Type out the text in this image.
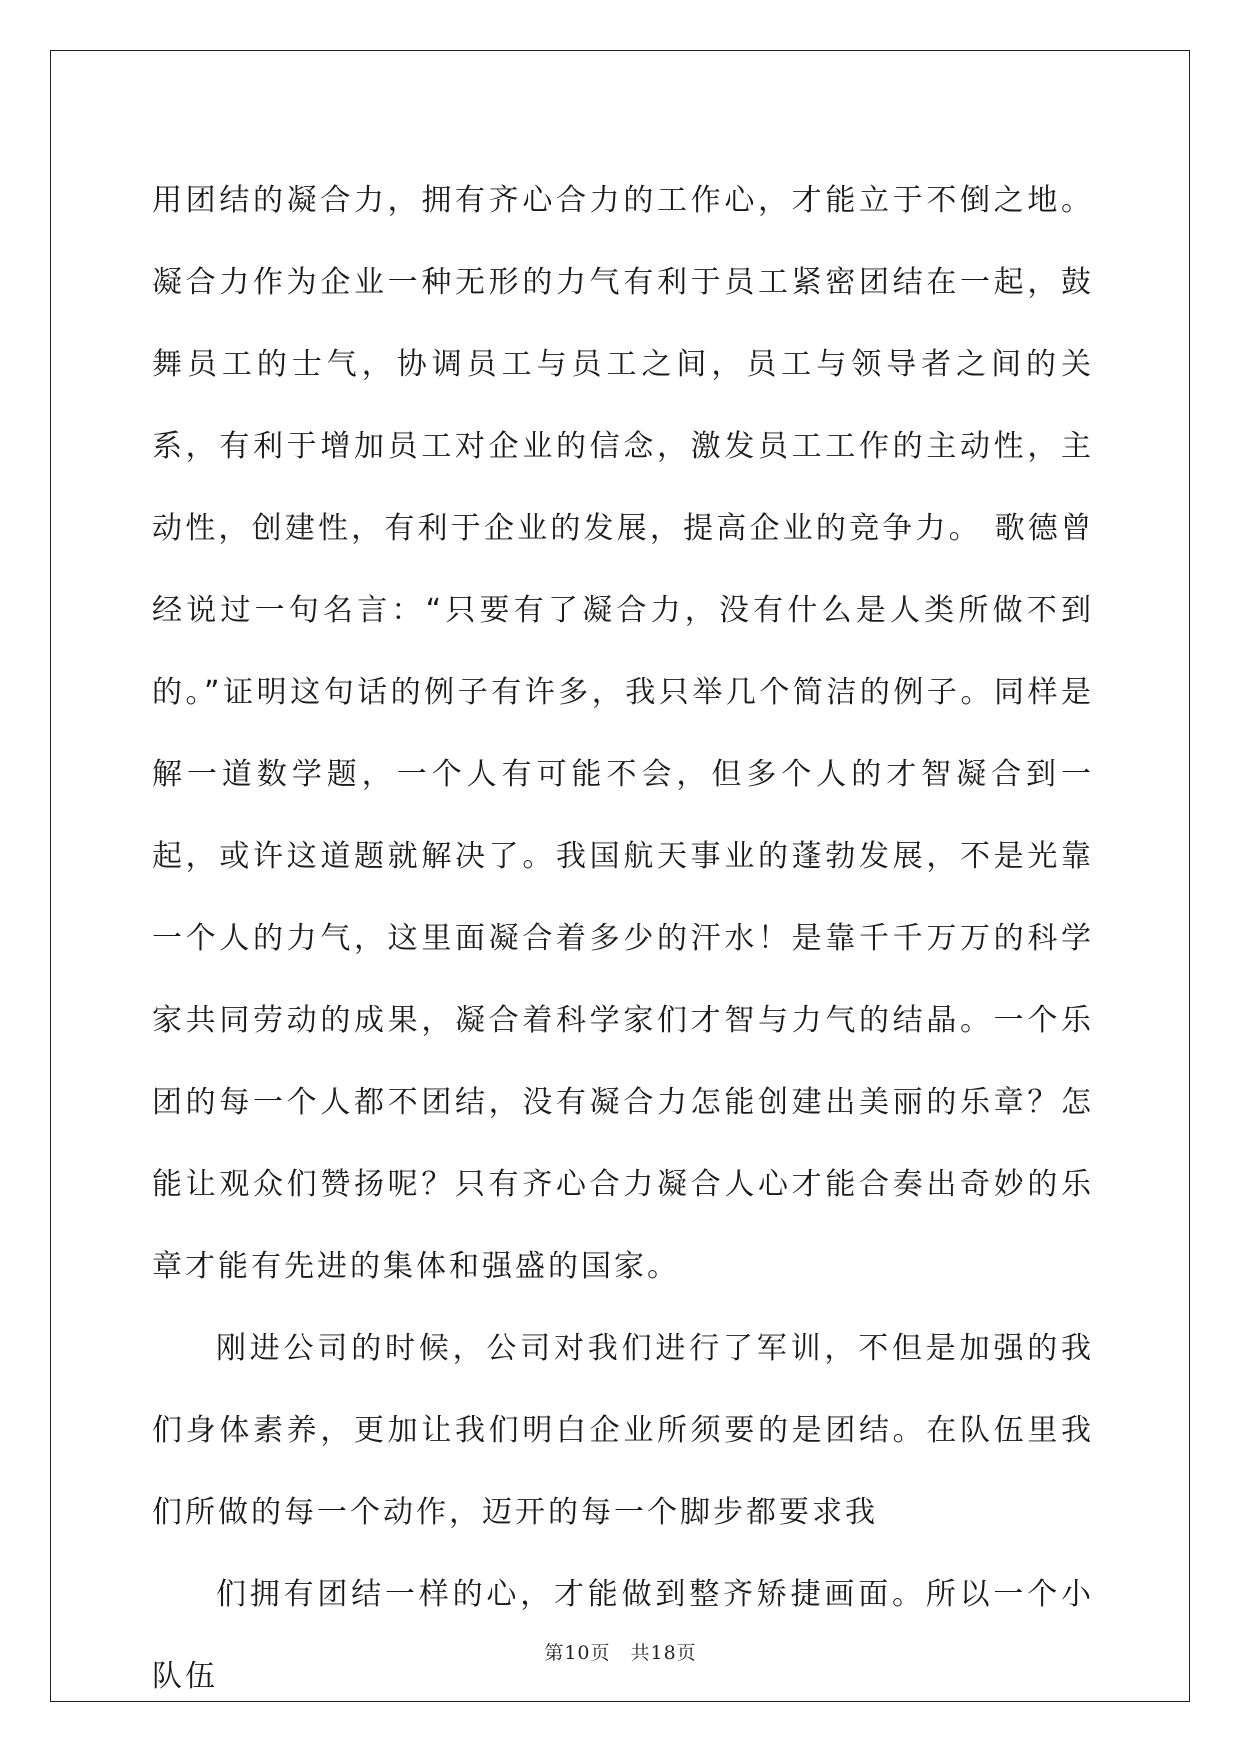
用团结的凝合力，拥有齐心合力的工作心，才能立于不倒之地。凝合力作为企业一种无形的力气有利于员工紧密团结在一起，鼓舞员工的士气，协调员工与员工之间，员工与领导者之间的关系，有利于增加员工对企业的信念，激发员工工作的主动性，主动性，创建性，有利于企业的发展，提高企业的竞争力。 歌德曾经说过一句名言：“只要有了凝合力，没有什么是人类所做不到的。”证明这句话的例子有许多，我只举几个简洁的例子。同样是解一道数学题，一个人有可能不会，但多个人的才智凝合到一起，或许这道题就解决了。我国航天事业的蓬勃发展，不是光靠一个人的力气，这里面凝合着多少的汗水！是靠千千万万的科学家共同劳动的成果，凝合着科学家们才智与力气的结晶。一个乐团的每一个人都不团结，没有凝合力怎能创建出美丽的乐章？怎能让观众们赞扬呢？只有齐心合力凝合人心才能合奏出奇妙的乐章才能有先进的集体和强盛的国家。

刚进公司的时候，公司对我们进行了军训，不但是加强的我们身体素养，更加让我们明白企业所须要的是团结。在队伍里我们所做的每一个动作，迈开的每一个脚步都要求我

们拥有团结一样的心，才能做到整齐矫捷画面。所以一个小队伍

第10页　共18页
